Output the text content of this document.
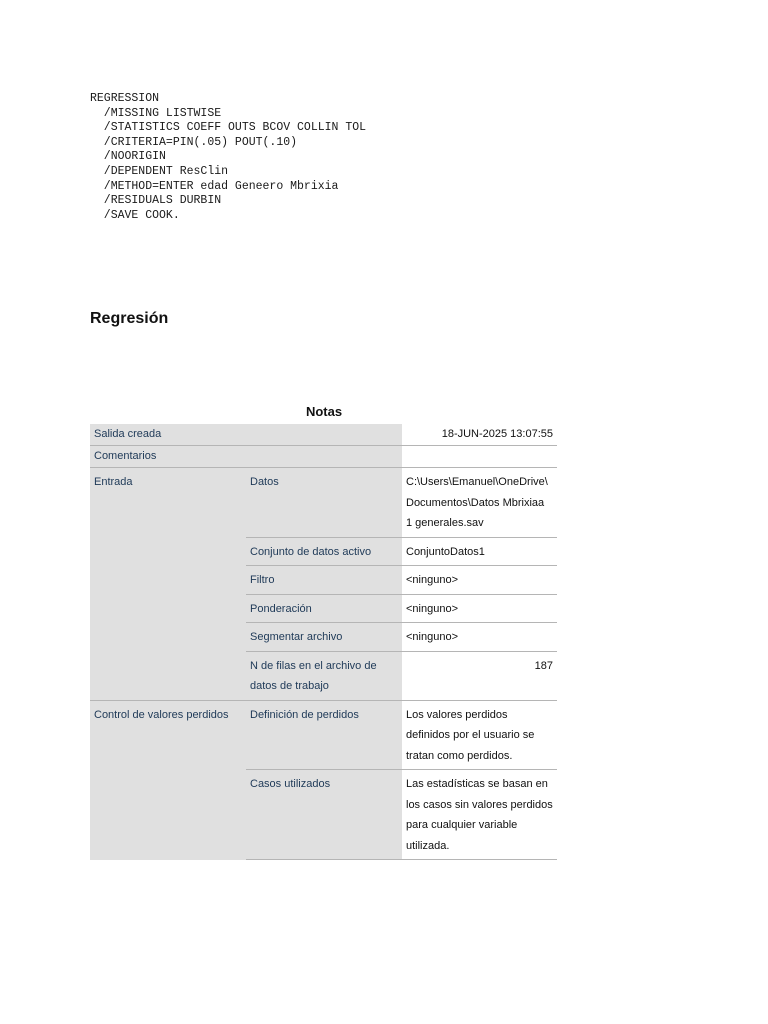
REGRESSION
/MISSING LISTWISE
/STATISTICS COEFF OUTS BCOV COLLIN TOL
/CRITERIA=PIN(.05) POUT(.10)
/NOORIGIN
/DEPENDENT ResClin
/METHOD=ENTER edad Geneero Mbrixia
/RESIDUALS DURBIN
/SAVE COOK.
Regresión
Notas
Salida creada		18-JUN-2025 13:07:55
Comentarios		
Entrada	Datos	C:\Users\Emanuel\OneDrive\
Documentos\Datos Mbrixiaa
1 generales.sav
	Conjunto de datos activo	ConjuntoDatos1
	Filtro	<ninguno>
	Ponderación	<ninguno>
	Segmentar archivo	<ninguno>
	N de filas en el archivo de datos de trabajo	187
Control de valores perdidos	Definición de perdidos	Los valores perdidos definidos por el usuario se tratan como perdidos.
	Casos utilizados	Las estadísticas se basan en los casos sin valores perdidos para cualquier variable utilizada.
